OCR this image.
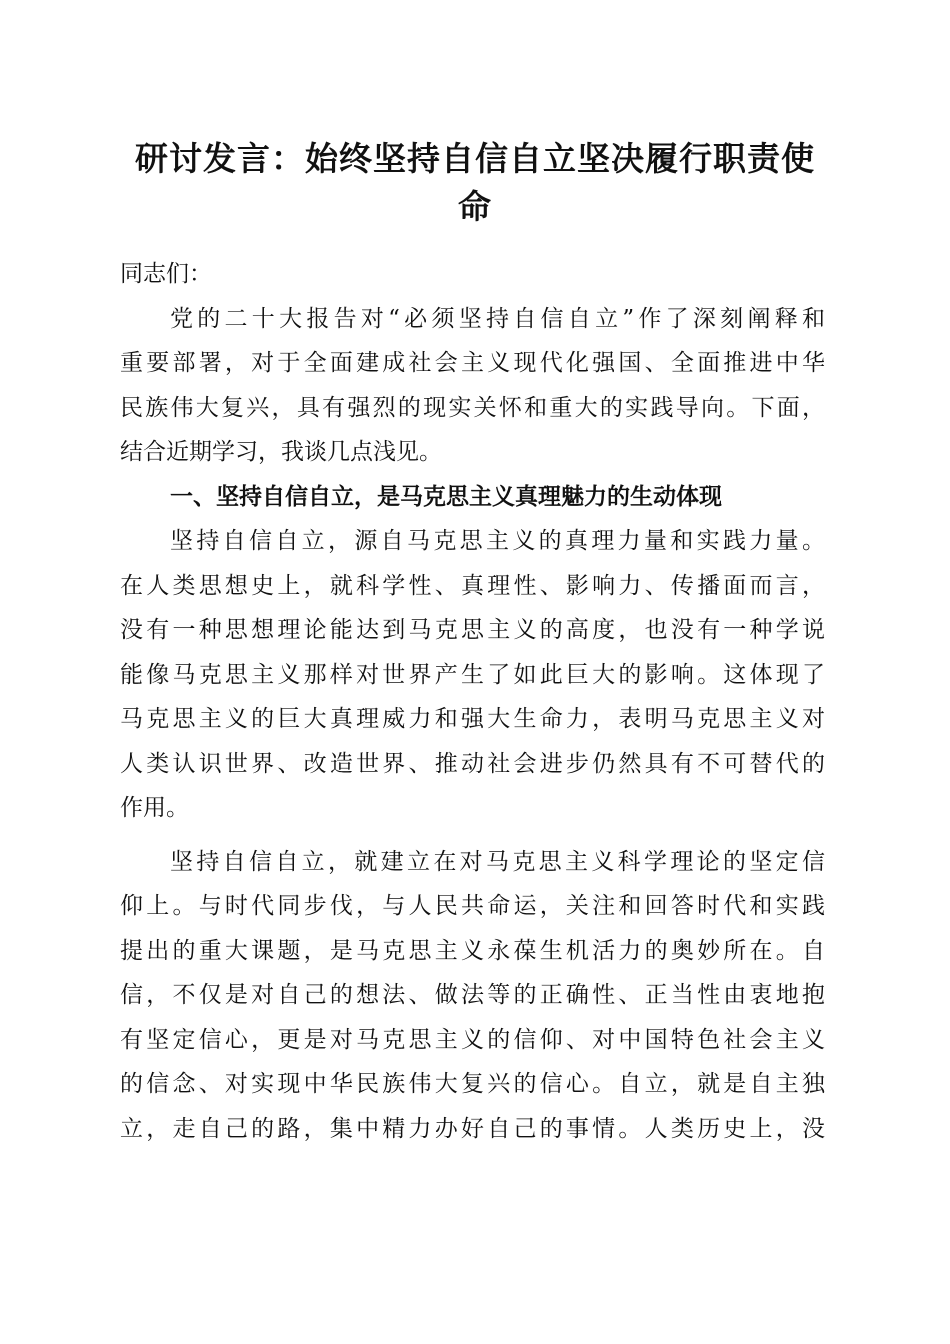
研讨发言：始终坚持自信自立坚决履行职责使
命
同志们：
党的二十大报告对“必须坚持自信自立”作了深刻阐释和
重要部署，对于全面建成社会主义现代化强国、全面推进中华
民族伟大复兴，具有强烈的现实关怀和重大的实践导向。下面，
结合近期学习，我谈几点浅见。
一、坚持自信自立，是马克思主义真理魅力的生动体现
坚持自信自立，源自马克思主义的真理力量和实践力量。
在人类思想史上，就科学性、真理性、影响力、传播面而言，
没有一种思想理论能达到马克思主义的高度，也没有一种学说
能像马克思主义那样对世界产生了如此巨大的影响。这体现了
马克思主义的巨大真理威力和强大生命力，表明马克思主义对
人类认识世界、改造世界、推动社会进步仍然具有不可替代的
作用。
坚持自信自立，就建立在对马克思主义科学理论的坚定信
仰上。与时代同步伐，与人民共命运，关注和回答时代和实践
提出的重大课题，是马克思主义永葆生机活力的奥妙所在。自
信，不仅是对自己的想法、做法等的正确性、正当性由衷地抱
有坚定信心，更是对马克思主义的信仰、对中国特色社会主义
的信念、对实现中华民族伟大复兴的信心。自立，就是自主独
立，走自己的路，集中精力办好自己的事情。人类历史上，没
